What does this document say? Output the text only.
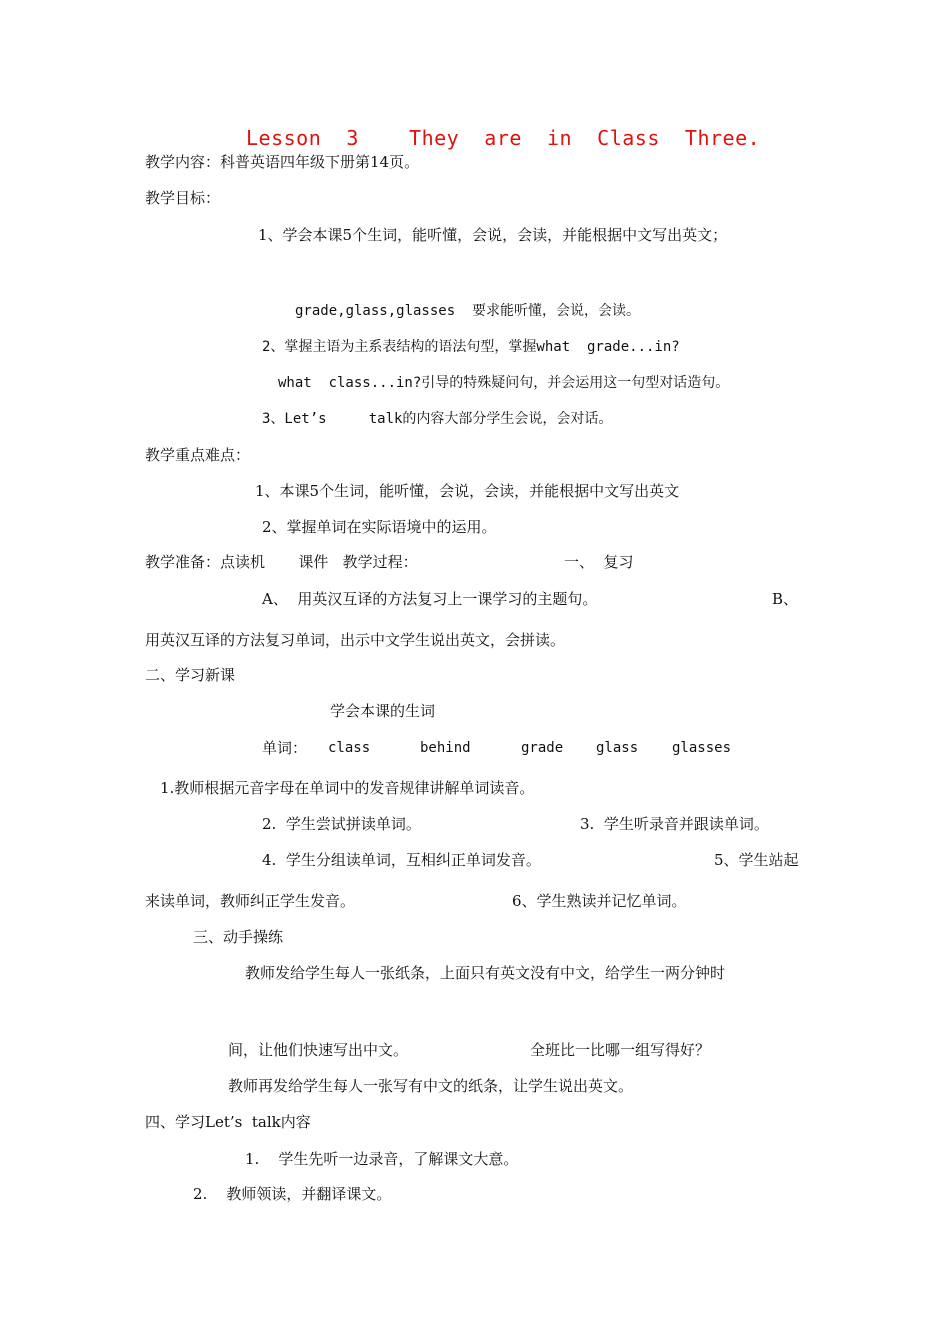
Lesson  3    They  are  in  Class  Three.
教学内容：科普英语四年级下册第14页。
教学目标：
1、学会本课5个生词，能听懂，会说，会读，并能根据中文写出英文；
grade,glass,glasses  要求能听懂，会说，会读。
2、掌握主语为主系表结构的语法句型，掌握what  grade...in?
what  class...in?引导的特殊疑问句，并会运用这一句型对话造句。
3、Let’s     talk的内容大部分学生会说，会对话。
教学重点难点：
1、本课5个生词，能听懂，会说，会读，并能根据中文写出英文
2、掌握单词在实际语境中的运用。
教学准备：点读机       课件   教学过程：	一、  复习
A、  用英汉互译的方法复习上一课学习的主题句。	B、
用英汉互译的方法复习单词，出示中文学生说出英文，会拼读。
二、学习新课
学会本课的生词
单词： class	behind	grade glass glasses
1.教师根据元音字母在单词中的发音规律讲解单词读音。
2.  学生尝试拼读单词。	3.  学生听录音并跟读单词。
4.  学生分组读单词，互相纠正单词发音。	5、学生站起
来读单词，教师纠正学生发音。	6、学生熟读并记忆单词。
三、动手操练
教师发给学生每人一张纸条，上面只有英文没有中文，给学生一两分钟时
间，让他们快速写出中文。	全班比一比哪一组写得好？
教师再发给学生每人一张写有中文的纸条，让学生说出英文。
四、学习Let’s  talk内容
1.    学生先听一边录音，了解课文大意。
2.    教师领读，并翻译课文。
